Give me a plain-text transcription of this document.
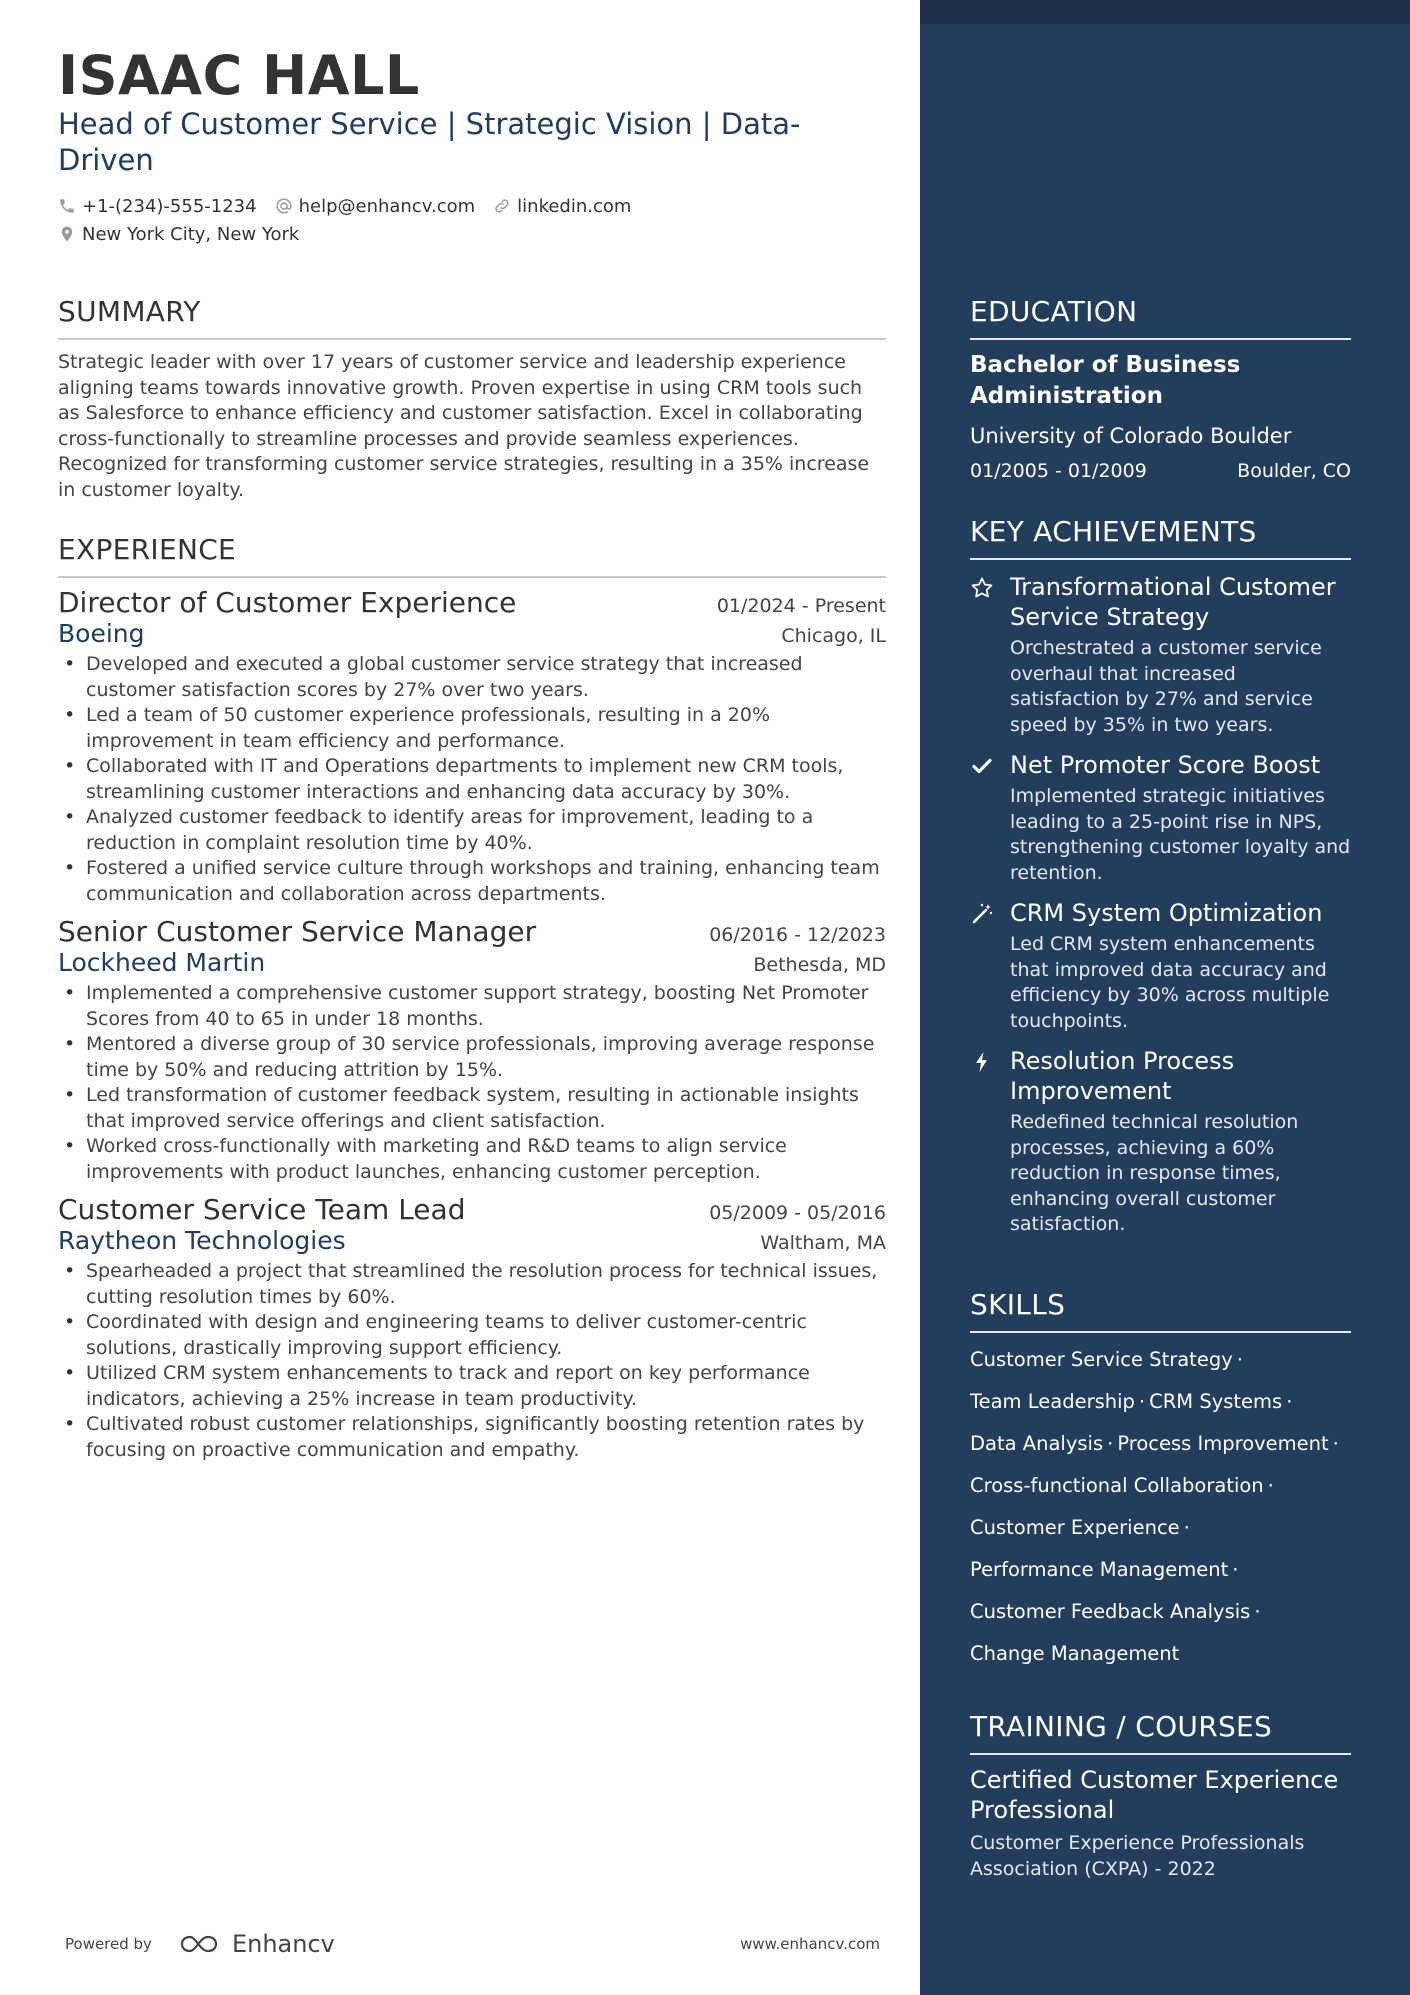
ISAAC HALL
Head of Customer Service | Strategic Vision | Data-Driven
+1-(234)-555-1234 help@enhancv.com linkedin.com
New York City, New York
SUMMARY
Strategic leader with over 17 years of customer service and leadership experience aligning teams towards innovative growth. Proven expertise in using CRM tools such as Salesforce to enhance efficiency and customer satisfaction. Excel in collaborating cross-functionally to streamline processes and provide seamless experiences. Recognized for transforming customer service strategies, resulting in a 35% increase in customer loyalty.
EXPERIENCE
Director of Customer Experience	01/2024 - Present
Boeing	Chicago, IL
• Developed and executed a global customer service strategy that increased customer satisfaction scores by 27% over two years.
• Led a team of 50 customer experience professionals, resulting in a 20% improvement in team efficiency and performance.
• Collaborated with IT and Operations departments to implement new CRM tools, streamlining customer interactions and enhancing data accuracy by 30%.
• Analyzed customer feedback to identify areas for improvement, leading to a reduction in complaint resolution time by 40%.
• Fostered a unified service culture through workshops and training, enhancing team communication and collaboration across departments.
Senior Customer Service Manager	06/2016 - 12/2023
Lockheed Martin	Bethesda, MD
• Implemented a comprehensive customer support strategy, boosting Net Promoter Scores from 40 to 65 in under 18 months.
• Mentored a diverse group of 30 service professionals, improving average response time by 50% and reducing attrition by 15%.
• Led transformation of customer feedback system, resulting in actionable insights that improved service offerings and client satisfaction.
• Worked cross-functionally with marketing and R&D teams to align service improvements with product launches, enhancing customer perception.
Customer Service Team Lead	05/2009 - 05/2016
Raytheon Technologies	Waltham, MA
• Spearheaded a project that streamlined the resolution process for technical issues, cutting resolution times by 60%.
• Coordinated with design and engineering teams to deliver customer-centric solutions, drastically improving support efficiency.
• Utilized CRM system enhancements to track and report on key performance indicators, achieving a 25% increase in team productivity.
• Cultivated robust customer relationships, significantly boosting retention rates by focusing on proactive communication and empathy.
Powered by	Enhancv	www.enhancv.com
EDUCATION
Bachelor of Business Administration
University of Colorado Boulder
01/2005 - 01/2009	Boulder, CO
KEY ACHIEVEMENTS
Transformational Customer Service Strategy
Orchestrated a customer service overhaul that increased satisfaction by 27% and service speed by 35% in two years.
Net Promoter Score Boost
Implemented strategic initiatives leading to a 25-point rise in NPS, strengthening customer loyalty and retention.
CRM System Optimization
Led CRM system enhancements that improved data accuracy and efficiency by 30% across multiple touchpoints.
Resolution Process Improvement
Redefined technical resolution processes, achieving a 60% reduction in response times, enhancing overall customer satisfaction.
SKILLS
Customer Service Strategy ·
Team Leadership · CRM Systems ·
Data Analysis · Process Improvement ·
Cross-functional Collaboration ·
Customer Experience ·
Performance Management ·
Customer Feedback Analysis ·
Change Management
TRAINING / COURSES
Certified Customer Experience Professional
Customer Experience Professionals Association (CXPA) - 2022
